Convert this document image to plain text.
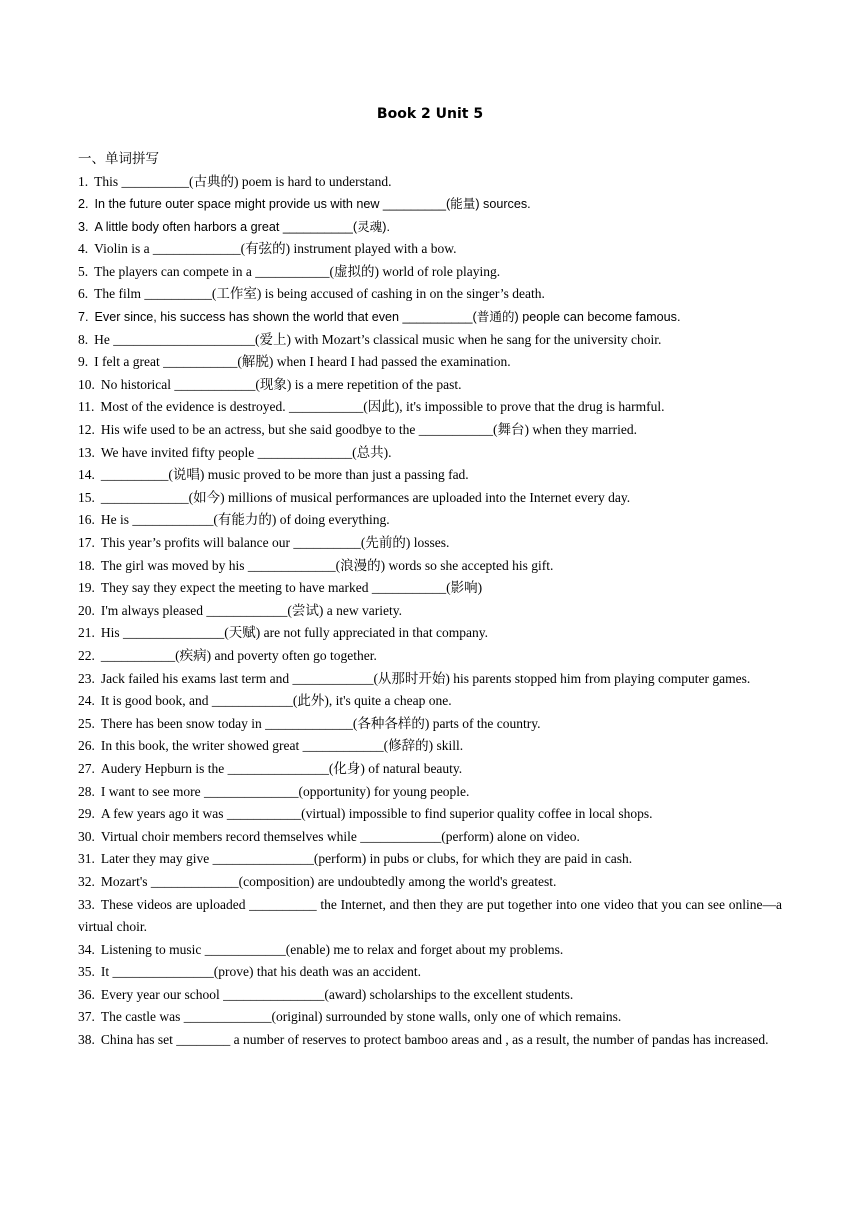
Book 2 Unit 5
一、单词拼写
1. This __________(古典的) poem is hard to understand.
2. In the future outer space might provide us with new _________(能量) sources.
3. A little body often harbors a great __________(灵魂).
4. Violin is a _____________(有弦的) instrument played with a bow.
5. The players can compete in a ___________(虚拟的) world of role playing.
6. The film __________(工作室) is being accused of cashing in on the singer’s death.
7. Ever since, his success has shown the world that even __________(普通的) people can become famous.
8. He _____________________(爱上) with Mozart’s classical music when he sang for the university choir.
9. I felt a great ___________(解脱) when I heard I had passed the examination.
10. No historical ____________(现象) is a mere repetition of the past.
11. Most of the evidence is destroyed. ___________(因此), it's impossible to prove that the drug is harmful.
12. His wife used to be an actress, but she said goodbye to the ___________(舞台) when they married.
13. We have invited fifty people ______________(总共).
14. __________(说唱) music proved to be more than just a passing fad.
15. _____________(如今) millions of musical performances are uploaded into the Internet every day.
16. He is ____________(有能力的) of doing everything.
17. This year’s profits will balance our __________(先前的) losses.
18. The girl was moved by his _____________(浪漫的) words so she accepted his gift.
19. They say they expect the meeting to have marked ___________(影响)
20. I'm always pleased ____________(尝试) a new variety.
21. His _______________(天赋) are not fully appreciated in that company.
22. ___________(疾病) and poverty often go together.
23. Jack failed his exams last term and ____________(从那时开始) his parents stopped him from playing computer games.
24. It is good book, and ____________(此外), it's quite a cheap one.
25. There has been snow today in _____________(各种各样的) parts of the country.
26. In this book, the writer showed great ____________(修辞的) skill.
27. Audery Hepburn is the _______________(化身) of natural beauty.
28. I want to see more ______________(opportunity) for young people.
29. A few years ago it was ___________(virtual) impossible to find superior quality coffee in local shops.
30. Virtual choir members record themselves while ____________(perform) alone on video.
31. Later they may give _______________(perform) in pubs or clubs, for which they are paid in cash.
32. Mozart's _____________(composition) are undoubtedly among the world's greatest.
33. These videos are uploaded __________ the Internet, and then they are put together into one video that you can see online—a virtual choir.
34. Listening to music ____________(enable) me to relax and forget about my problems.
35. It _______________(prove) that his death was an accident.
36. Every year our school _______________(award) scholarships to the excellent students.
37. The castle was _____________(original) surrounded by stone walls, only one of which remains.
38. China has set ________ a number of reserves to protect bamboo areas and , as a result, the number of pandas has increased.
